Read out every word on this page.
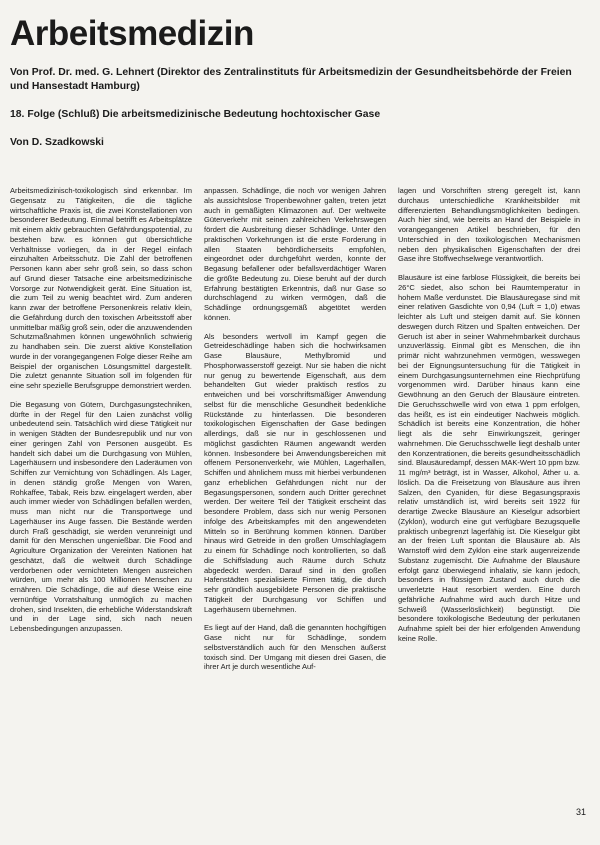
Arbeitsmedizin

Von Prof. Dr. med. G. Lehnert (Direktor des Zentralinstituts für Arbeitsmedizin der Gesundheitsbehörde der Freien und Hansestadt Hamburg)

18. Folge (Schluß) Die arbeitsmedizinische Bedeutung hochtoxischer Gase

Von D. Szadkowski

Arbeitsmedizinisch-toxikologisch sind erkennbar. Im Gegensatz zu Tätigkeiten, die die tägliche wirtschaftliche Praxis ist, die zwei Konstellationen von besonderer Bedeutung. Einmal betrifft es Arbeitsplätze mit einem aktiv gebrauchten Gefährdungspotential, zu bestehen bzw. es können gut übersichtliche Verhältnisse vorliegen, da in der Regel einfach einzuhalten Arbeitsschutz. Die Zahl der betroffenen Personen kann aber sehr groß sein, so dass schon auf Grund dieser Tatsache eine arbeitsmedizinische Vorsorge zur Notwendigkeit gerät. Eine Situation ist, die zum Teil zu wenig beachtet wird. Zum anderen kann zwar der betroffene Personenkreis relativ klein, die Gefährdung durch den toxischen Arbeitsstoff aber unmittelbar mäßig groß sein, oder die anzuwendenden Schutzmaßnahmen können ungewöhnlich schwierig zu handhaben sein. Die zuerst aktive Konstellation wurde in der vorangegangenen Folge dieser Reihe am Beispiel der organischen Lösungsmittel dargestellt. Die zuletzt genannte Situation soll im folgenden für eine sehr spezielle Berufsgruppe demonstriert werden.

Die Begasung von Gütern, Durchgasungstechniken, dürfte in der Regel für den Laien zunächst völlig unbedeutend sein. Tatsächlich wird diese Tätigkeit nur in wenigen Städten der Bundesrepublik und nur von einer geringen Zahl von Personen ausgeübt. Es handelt sich dabei um die Durchgasung von Mühlen, Lagerhäusern und insbesondere den Laderäumen von Schiffen zur Vernichtung von Schädlingen. Als Lager, in denen ständig große Mengen von Waren, Rohkaffee, Tabak, Reis bzw. eingelagert werden, aber auch immer wieder von Schädlingen befallen werden, muss man nicht nur die Transportwege und Lagerhäuser ins Auge fassen. Die Bestände werden durch Fraß geschädigt, sie werden verunreinigt und damit für den Menschen ungenießbar. Die Food and Agriculture Organization der Vereinten Nationen hat geschätzt, daß die weltweit durch Schädlinge verdorbenen oder vernichteten Mengen ausreichen würden, um mehr als 100 Millionen Menschen zu ernähren. Die Schädlinge, die auf diese Weise eine vernünftige Vorratshaltung unmöglich zu machen drohen, sind Insekten, die erhebliche Widerstandskraft und in der Lage sind, sich nach neuen Lebensbedingungen anzupassen.

anpassen. Schädlinge, die noch vor wenigen Jahren als aussichtslose Tropenbewohner galten, treten jetzt auch in gemäßigten Klimazonen auf. Der weltweite Güterverkehr mit seinen zahlreichen Verkehrswegen fördert die Ausbreitung dieser Schädlinge. Unter den praktischen Vorkehrungen ist die erste Forderung in allen Staaten behördlicherseits empfohlen, eingeordnet oder durchgeführt werden, konnte der Begasung befallener oder befallsverdächtiger Waren die größte Bedeutung zu. Diese beruht auf der durch Erfahrung bestätigten Erkenntnis, daß nur Gase so durchschlagend zu wirken vermögen, daß die Schädlinge ordnungsgemäß abgetötet werden können.

Als besonders wertvoll im Kampf gegen die Getreideschädlinge haben sich die hochwirksamen Gase Blausäure, Methylbromid und Phosphorwasserstoff gezeigt. Nur sie haben die nicht nur genug zu bewertende Eigenschaft, aus dem behandelten Gut wieder praktisch restlos zu entweichen und bei vorschriftsmäßiger Anwendung selbst für die menschliche Gesundheit bedenkliche Rückstände zu hinterlassen. Die besonderen toxikologischen Eigenschaften der Gase bedingen allerdings, daß sie nur in geschlossenen und möglichst gasdichten Räumen angewandt werden können. Insbesondere bei Anwendungsbereichen mit offenem Personenverkehr, wie Mühlen, Lagerhallen, Schiffen und ähnlichem muss mit hierbei verbundenen ganz erheblichen Gefährdungen nicht nur der Begasungspersonen, sondern auch Dritter gerechnet werden. Der weitere Teil der Tätigkeit erscheint das besondere Problem, dass sich nur wenig Personen infolge des Arbeitskampfes mit den angewendeten Mitteln so in Berührung kommen können. Darüber hinaus wird Getreide in den großen Umschlaglagern zu einem für Schädlinge noch kontrollierten, so daß die Schiffsladung auch Räume durch Schutz abgedeckt werden. Darauf sind in den großen Hafenstädten spezialisierte Firmen tätig, die durch sehr gründlich ausgebildete Personen die praktische Tätigkeit der Durchgasung vor Schiffen und Lagerhäusern übernehmen.

Es liegt auf der Hand, daß die genannten hochgiftigen Gase nicht nur für Schädlinge, sondern selbstverständlich auch für den Menschen äußerst toxisch sind. Der Umgang mit diesen drei Gasen, die ihrer Art je durch wesentliche Auf-

lagen und Vorschriften streng geregelt ist, kann durchaus unterschiedliche Krankheitsbilder mit differenzierten Behandlungsmöglichkeiten bedingen. Auch hier sind, wie bereits an Hand der Beispiele in vorangegangenen Artikel beschrieben, für den Unterschied in den toxikologischen Mechanismen neben den physikalischen Eigenschaften der drei Gase ihre Stoffwechselwege verantwortlich.

Blausäure ist eine farblose Flüssigkeit, die bereits bei 26°C siedet, also schon bei Raumtemperatur in hohem Maße verdunstet. Die Blausäuregase sind mit einer relativen Gasdichte von 0,94 (Luft = 1,0) etwas leichter als Luft und steigen damit auf. Sie können deswegen durch Ritzen und Spalten entweichen. Der Geruch ist aber in seiner Wahrnehmbarkeit durchaus unzuverlässig. Einmal gibt es Menschen, die ihn primär nicht wahrzunehmen vermögen, wesswegen bei der Eignungsuntersuchung für die Tätigkeit in einem Durchgasungsunternehmen eine Riechprüfung vorgenommen wird. Darüber hinaus kann eine Gewöhnung an den Geruch der Blausäure eintreten. Die Geruchsschwelle wird von etwa 1 ppm erfolgen, das heißt, es ist ein eindeutiger Nachweis möglich. Schädlich ist bereits eine Konzentration, die höher liegt als die sehr Einwirkungszeit, geringer wahrnehmen. Die Geruchsschwelle liegt deshalb unter den Konzentrationen, die bereits gesundheitsschädlich sind. Blausäuredampf, dessen MAK-Wert 10 ppm bzw. 11 mg/m³ beträgt, ist in Wasser, Alkohol, Äther u. a. löslich. Da die Freisetzung von Blausäure aus ihren Salzen, den Cyaniden, für diese Begasungspraxis relativ umständlich ist, wird bereits seit 1922 für derartige Zwecke Blausäure an Kieselgur adsorbiert (Zyklon), wodurch eine gut verfügbare Bezugsquelle praktisch unbegrenzt lagerfähig ist. Die Kieselgur gibt an der freien Luft spontan die Blausäure ab. Als Warnstoff wird dem Zyklon eine stark augenreizende Substanz zugemischt. Die Aufnahme der Blausäure erfolgt ganz überwiegend inhalativ, sie kann jedoch, besonders in flüssigem Zustand auch durch die unverletzte Haut resorbiert werden. Eine durch gefährliche Aufnahme wird auch durch Hitze und Schweiß (Wasserlöslichkeit) begünstigt. Die besondere toxikologische Bedeutung der perkutanen Aufnahme spielt bei der hier erfolgenden Anwendung keine Rolle.

31
